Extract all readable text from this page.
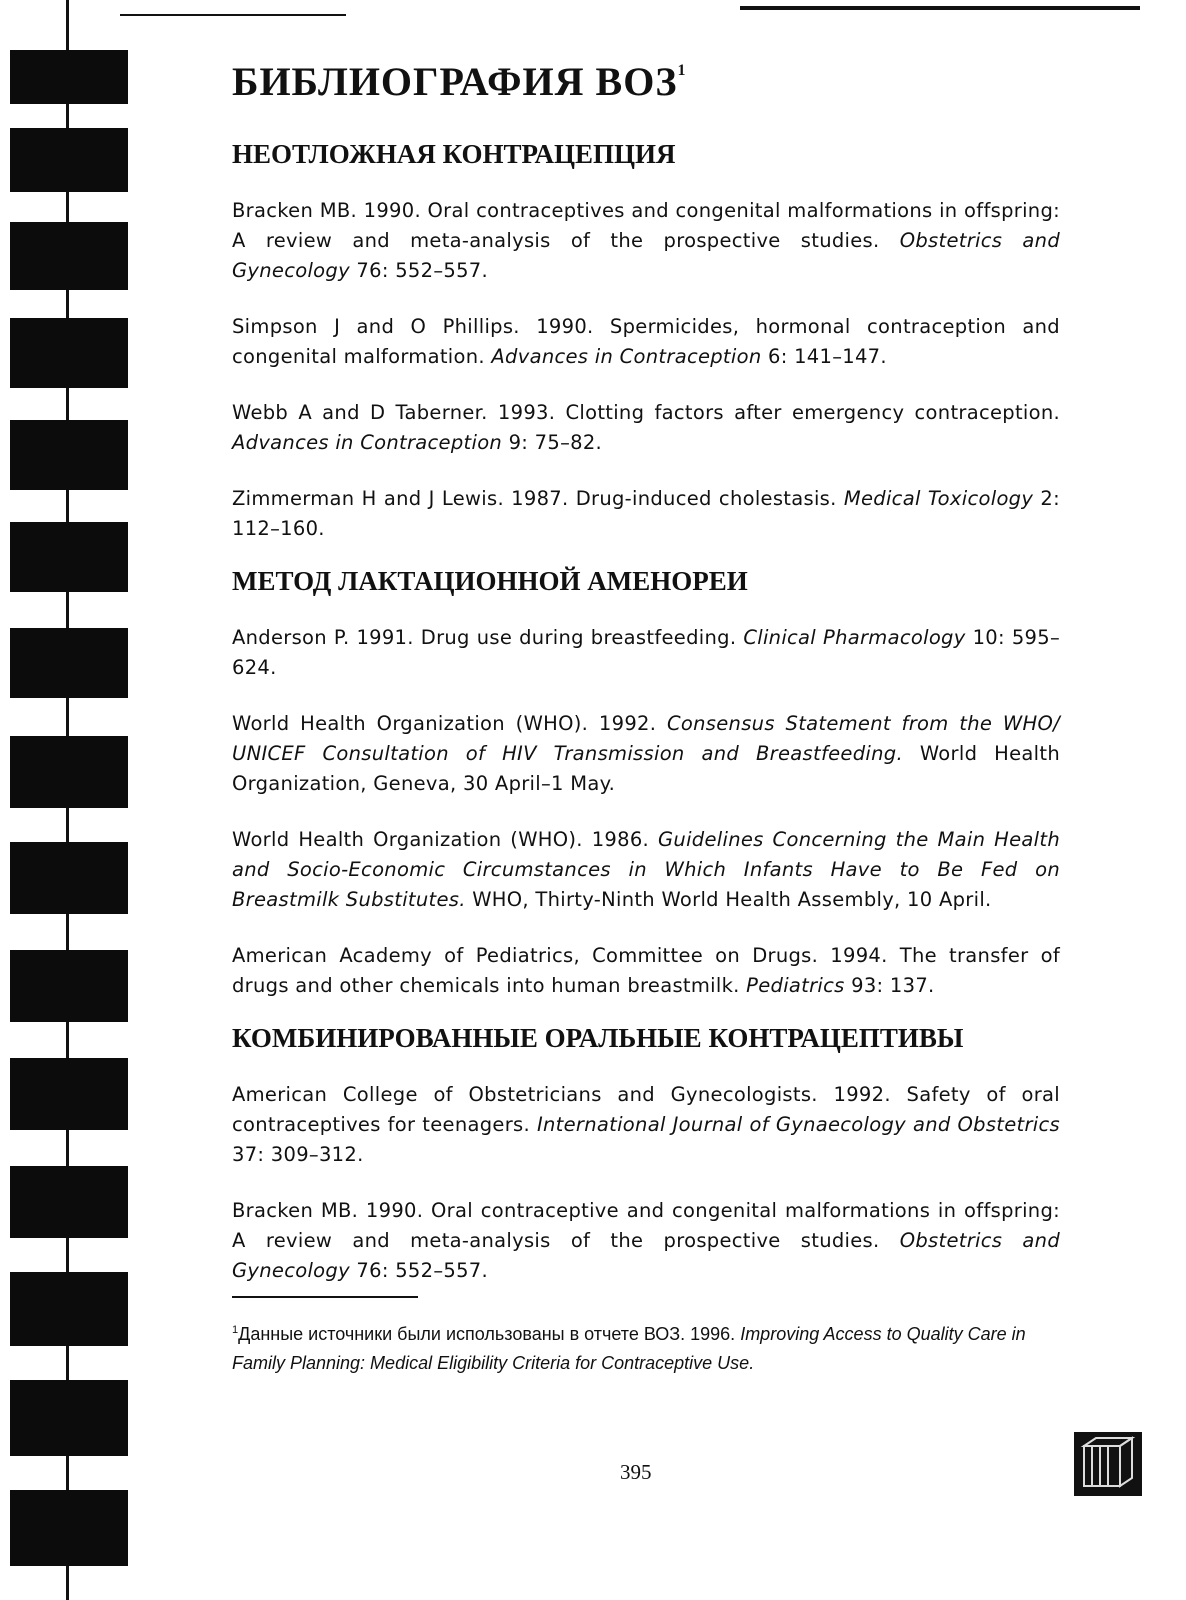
БИБЛИОГРАФИЯ ВОЗ$^1$
НЕОТЛОЖНАЯ КОНТРАЦЕПЦИЯ

Bracken MB. 1990. Oral contraceptives and congenital malformations in offspring: A review and meta-analysis of the prospective studies. Obstetrics and Gynecology 76: 552–557.

Simpson J and O Phillips. 1990. Spermicides, hormonal contraception and congenital malformation. Advances in Contraception 6: 141–147.

Webb A and D Taberner. 1993. Clotting factors after emergency contraception. Advances in Contraception 9: 75–82.

Zimmerman H and J Lewis. 1987. Drug-induced cholestasis. Medical Toxicology 2: 112–160.

МЕТОД ЛАКТАЦИОННОЙ АМЕНОРЕИ

Anderson P. 1991. Drug use during breastfeeding. Clinical Pharmacology 10: 595–624.

World Health Organization (WHO). 1992. Consensus Statement from the WHO/ UNICEF Consultation of HIV Transmission and Breastfeeding. World Health Organization, Geneva, 30 April–1 May.

World Health Organization (WHO). 1986. Guidelines Concerning the Main Health and Socio-Economic Circumstances in Which Infants Have to Be Fed on Breastmilk Substitutes. WHO, Thirty-Ninth World Health Assembly, 10 April.

American Academy of Pediatrics, Committee on Drugs. 1994. The transfer of drugs and other chemicals into human breastmilk. Pediatrics 93: 137.

КОМБИНИРОВАННЫЕ ОРАЛЬНЫЕ КОНТРАЦЕПТИВЫ

American College of Obstetricians and Gynecologists. 1992. Safety of oral contraceptives for teenagers. International Journal of Gynaecology and Obstetrics 37: 309–312.

Bracken MB. 1990. Oral contraceptive and congenital malformations in offspring: A review and meta-analysis of the prospective studies. Obstetrics and Gynecology 76: 552–557.

$^1$Данные источники были использованы в отчете ВОЗ. 1996. Improving Access to Quality Care in Family Planning: Medical Eligibility Criteria for Contraceptive Use.

395
